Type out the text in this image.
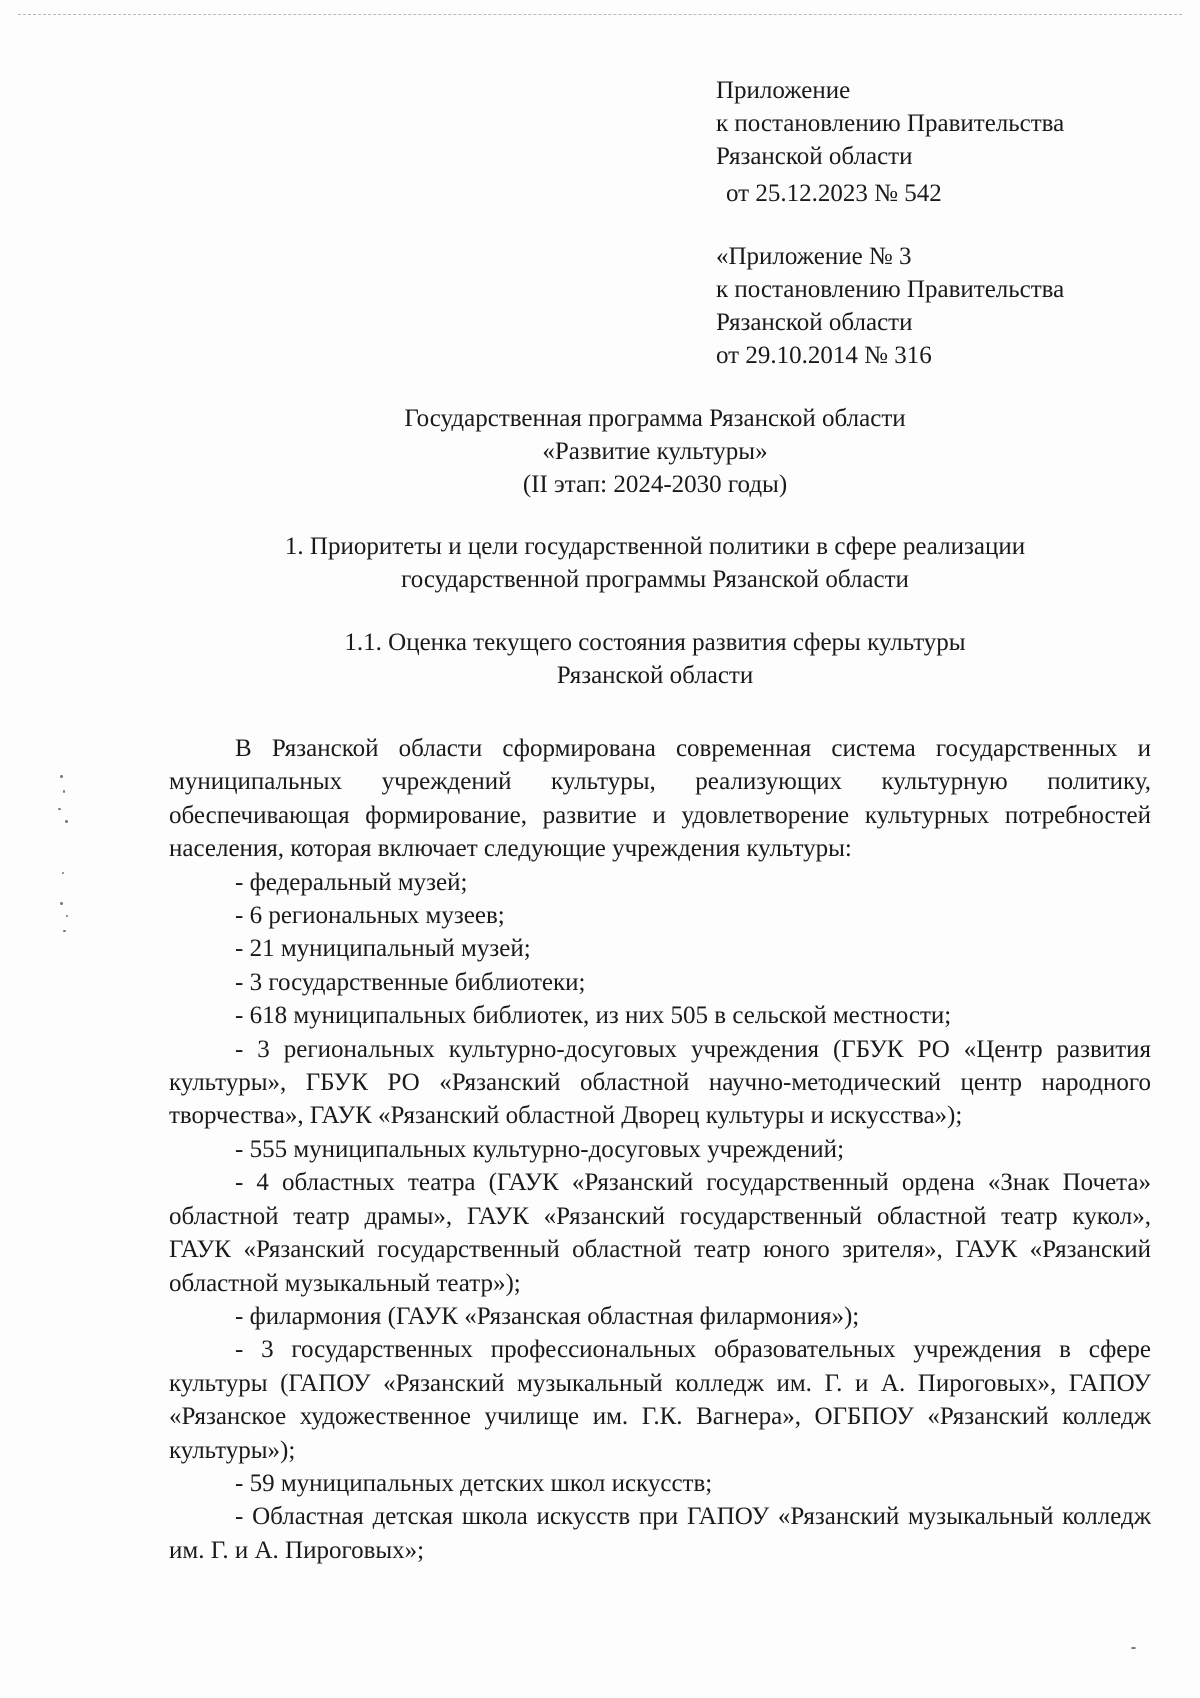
Приложение
к постановлению Правительства
Рязанской области
от 25.12.2023 № 542
«Приложение № 3
к постановлению Правительства
Рязанской области
от 29.10.2014 № 316
Государственная программа Рязанской области
«Развитие культуры»
(II этап: 2024-2030 годы)
1. Приоритеты и цели государственной политики в сфере реализации
государственной программы Рязанской области
1.1. Оценка текущего состояния развития сферы культуры
Рязанской области

В Рязанской области сформирована современная система государственных и муниципальных учреждений культуры, реализующих культурную политику, обеспечивающая формирование, развитие и удовлетворение культурных потребностей населения, которая включает следующие учреждения культуры:

- федеральный музей;

- 6 региональных музеев;

- 21 муниципальный музей;

- 3 государственные библиотеки;

- 618 муниципальных библиотек, из них 505 в сельской местности;

- 3 региональных культурно-досуговых учреждения (ГБУК РО «Центр развития культуры», ГБУК РО «Рязанский областной научно-методический центр народного творчества», ГАУК «Рязанский областной Дворец культуры и искусства»);

- 555 муниципальных культурно-досуговых учреждений;

- 4 областных театра (ГАУК «Рязанский государственный ордена «Знак Почета» областной театр драмы», ГАУК «Рязанский государственный областной театр кукол», ГАУК «Рязанский государственный областной театр юного зрителя», ГАУК «Рязанский областной музыкальный театр»);

- филармония (ГАУК «Рязанская областная филармония»);

- 3 государственных профессиональных образовательных учреждения в сфере культуры (ГАПОУ «Рязанский музыкальный колледж им. Г. и А. Пироговых», ГАПОУ «Рязанское художественное училище им. Г.К. Вагнера», ОГБПОУ «Рязанский колледж культуры»);

- 59 муниципальных детских школ искусств;

- Областная детская школа искусств при ГАПОУ «Рязанский музыкальный колледж им. Г. и А. Пироговых»;
